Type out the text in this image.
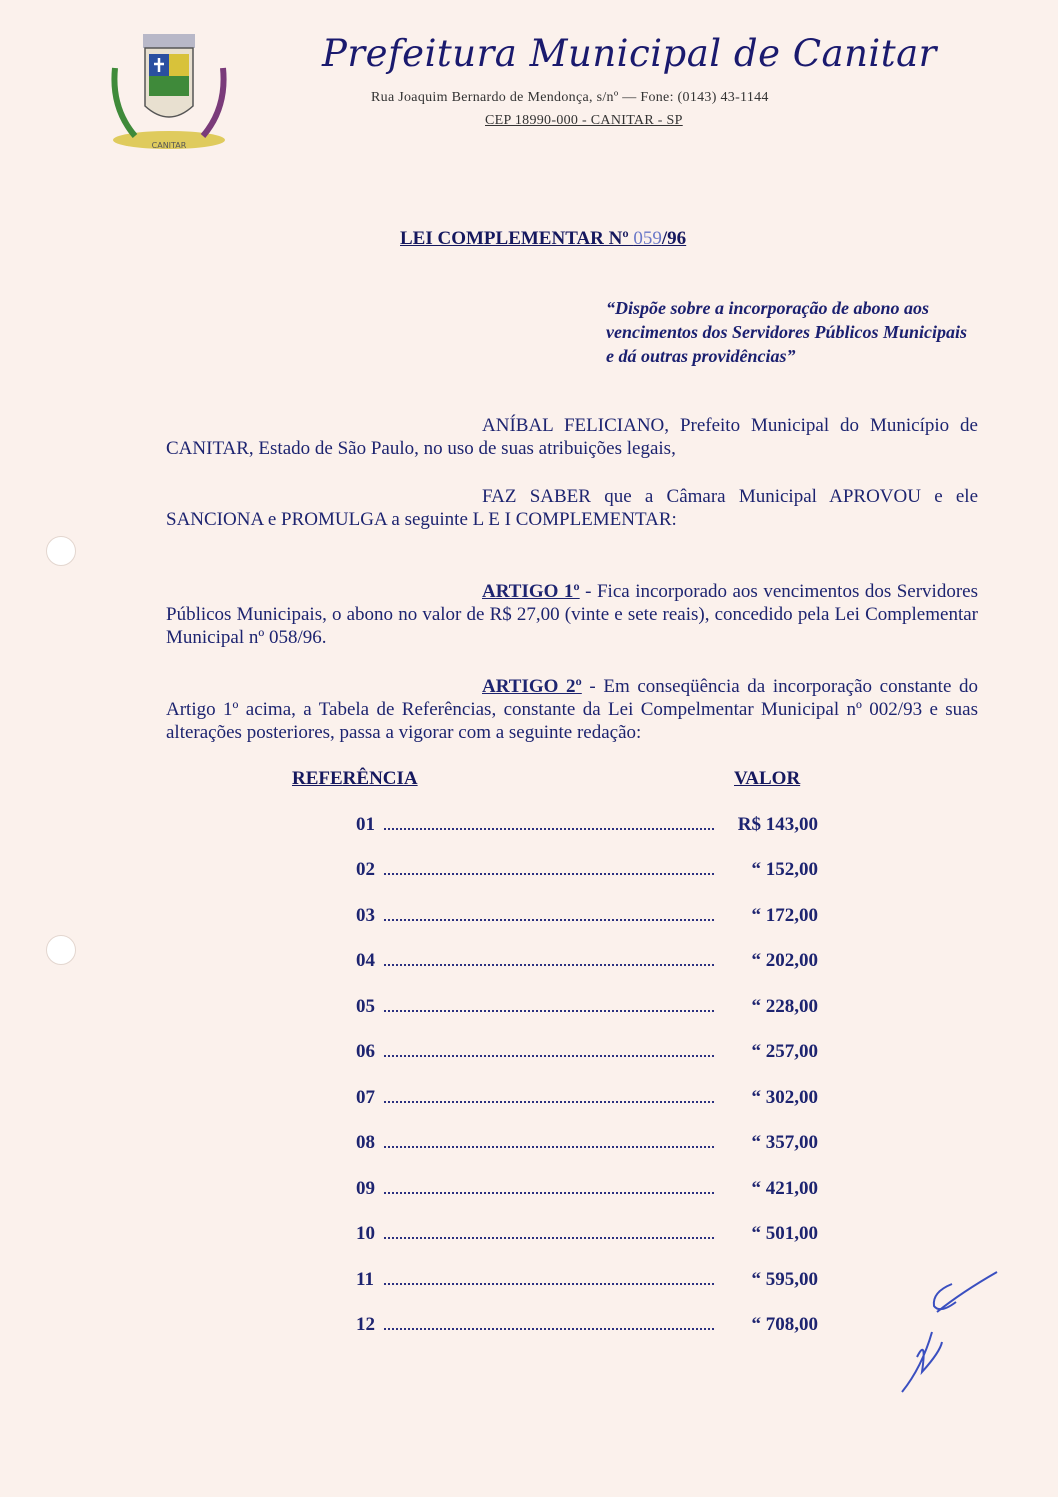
CANITAR
Prefeitura Municipal de Canitar
Rua Joaquim Bernardo de Mendonça, s/nº — Fone: (0143) 43-1144
CEP 18990-000 - CANITAR - SP
LEI COMPLEMENTAR Nº 059/96
“Dispõe sobre a incorporação de abono aos vencimentos dos Servidores Públicos Municipais e dá outras providências”
ANÍBAL FELICIANO, Prefeito Municipal do Município de CANITAR, Estado de São Paulo, no uso de suas atribuições legais,
FAZ SABER que a Câmara Municipal APROVOU e ele SANCIONA e PROMULGA a seguinte L E I COMPLEMENTAR:
ARTIGO 1º - Fica incorporado aos vencimentos dos Servidores Públicos Municipais, o abono no valor de R$ 27,00 (vinte e sete reais), concedido pela Lei Complementar Municipal nº 058/96.
ARTIGO 2º - Em conseqüência da incorporação constante do Artigo 1º acima, a Tabela de Referências, constante da Lei Compelmentar Municipal nº 002/93 e suas alterações posteriores, passa a vigorar com a seguinte redação:
REFERÊNCIA	VALOR
01	R$ 143,00
02	“ 152,00
03	“ 172,00
04	“ 202,00
05	“ 228,00
06	“ 257,00
07	“ 302,00
08	“ 357,00
09	“ 421,00
10	“ 501,00
11	“ 595,00
12	“ 708,00
